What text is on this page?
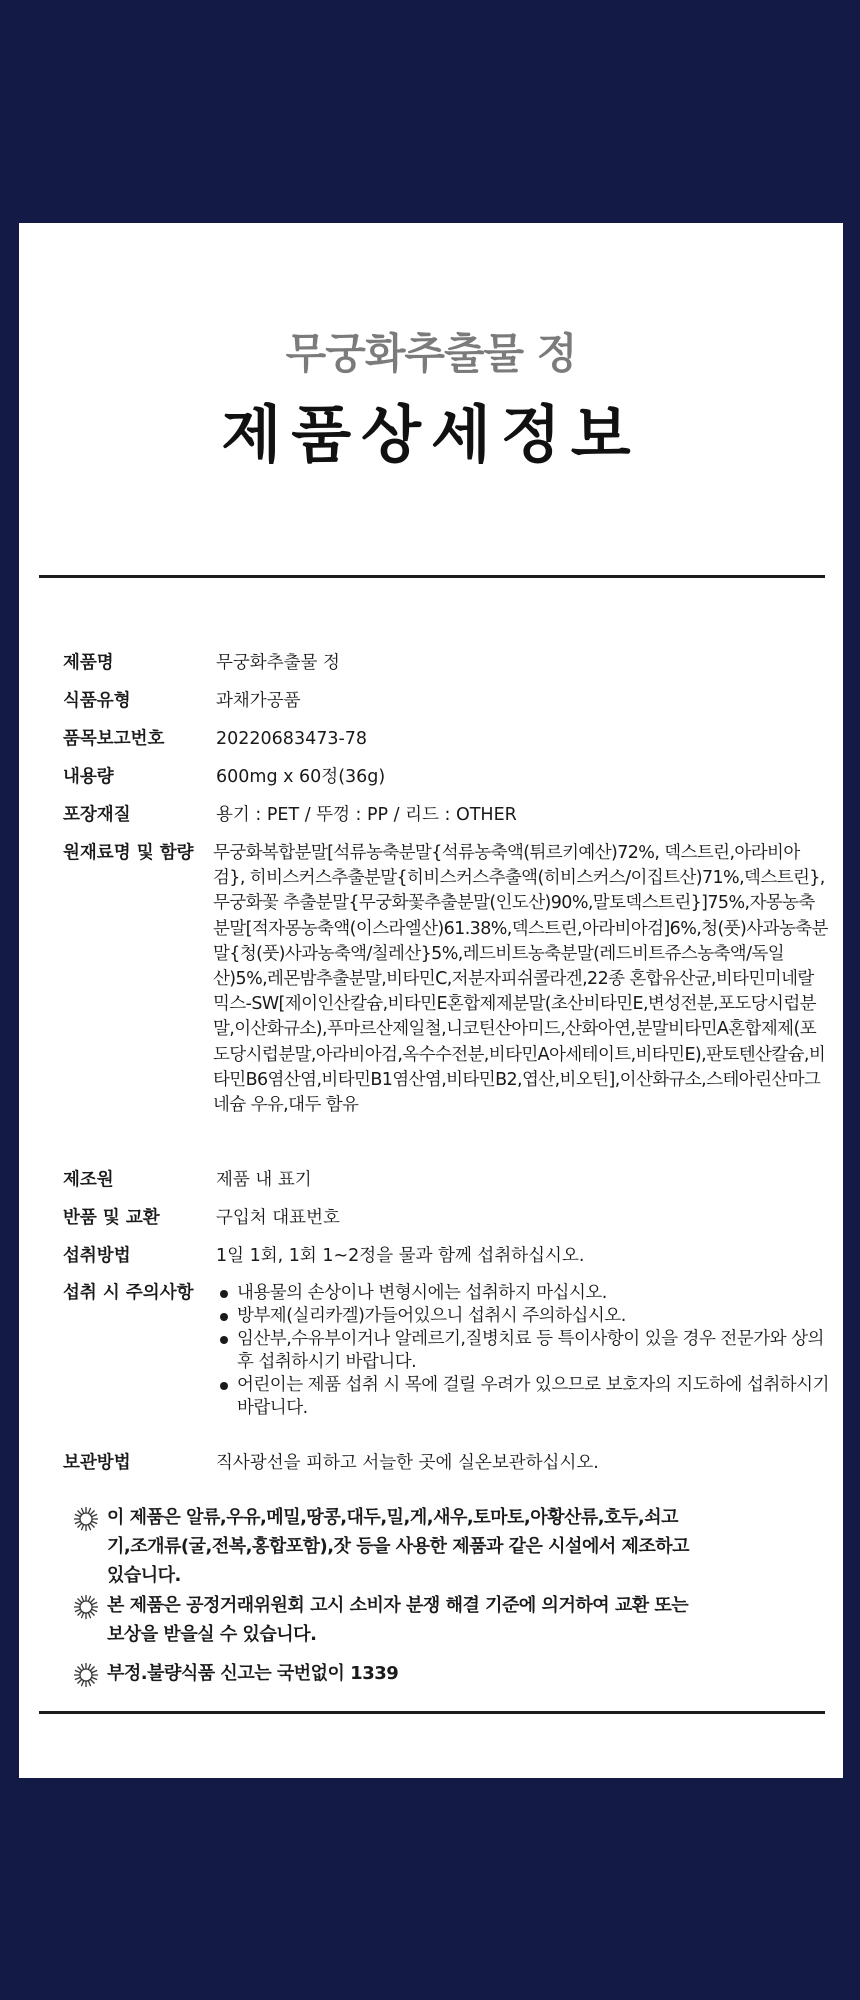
무궁화추출물 정
제품상세정보
제품명	무궁화추출물 정
식품유형	과채가공품
품목보고번호	20220683473-78
내용량	600mg x 60정(36g)
포장재질	용기 : PET / 뚜껑 : PP / 리드 : OTHER
원재료명 및 함량	무궁화복합분말[석류농축분말{석류농축액(튀르키예산)72%, 덱스트린,아라비아검}, 히비스커스추출분말{히비스커스추출액(히비스커스/이집트산)71%,덱스트린},무궁화꽃 추출분말{무궁화꽃추출분말(인도산)90%,말토덱스트린}]75%,자몽농축분말[적자몽농축액(이스라엘산)61.38%,덱스트린,아라비아검]6%,청(풋)사과농축분말{청(풋)사과농축액/칠레산}5%,레드비트농축분말(레드비트쥬스농축액/독일산)5%,레몬밤추출분말,비타민C,저분자피쉬콜라겐,22종 혼합유산균,비타민미네랄믹스-SW[제이인산칼슘,비타민E혼합제제분말(초산비타민E,변성전분,포도당시럽분말,이산화규소),푸마르산제일철,니코틴산아미드,산화아연,분말비타민A혼합제제(포도당시럽분말,아라비아검,옥수수전분,비타민A아세테이트,비타민E),판토텐산칼슘,비타민B6염산염,비타민B1염산염,비타민B2,엽산,비오틴],이산화규소,스테아린산마그네슘 우유,대두 함유
제조원	제품 내 표기
반품 및 교환	구입처 대표번호
섭취방법	1일 1회, 1회 1~2정을 물과 함께 섭취하십시오.
섭취 시 주의사항	내용물의 손상이나 변형시에는 섭취하지 마십시오.
방부제(실리카겔)가들어있으니 섭취시 주의하십시오.
임산부,수유부이거나 알레르기,질병치료 등 특이사항이 있을 경우 전문가와 상의 후 섭취하시기 바랍니다.
어린이는 제품 섭취 시 목에 걸릴 우려가 있으므로 보호자의 지도하에 섭취하시기 바랍니다.
보관방법	직사광선을 피하고 서늘한 곳에 실온보관하십시오.
이 제품은 알류,우유,메밀,땅콩,대두,밀,게,새우,토마토,아황산류,호두,쇠고기,조개류(굴,전복,홍합포함),잣 등을 사용한 제품과 같은 시설에서 제조하고 있습니다.
본 제품은 공정거래위원회 고시 소비자 분쟁 해결 기준에 의거하여 교환 또는 보상을 받을실 수 있습니다.
부정.불량식품 신고는 국번없이 1339
